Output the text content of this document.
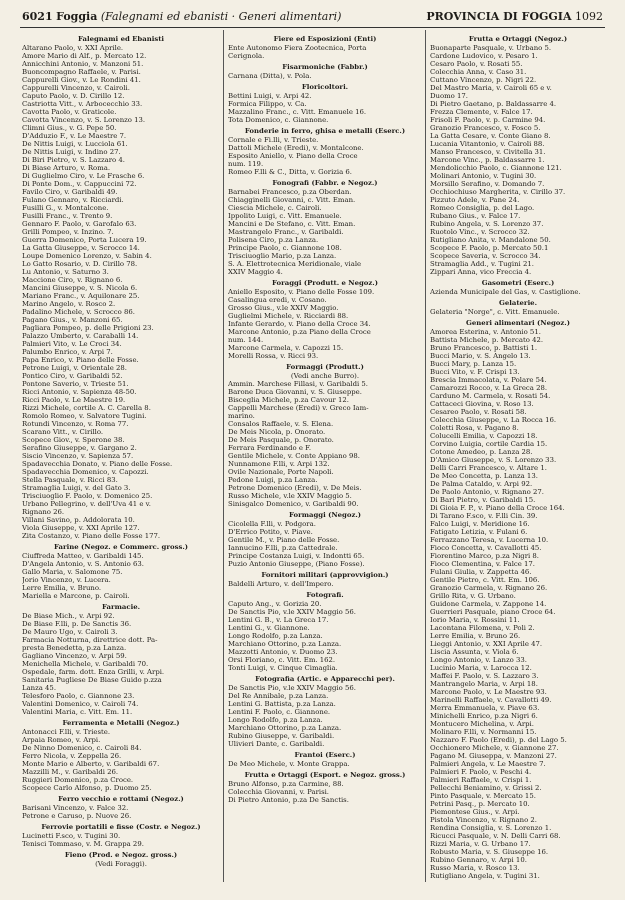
6021 Foggia (Falegnami ed ebanisti · Generi alimentari)	PROVINCIA DI FOGGIA 1092
Falegnami ed Ebanisti
Altarano Paolo, v. XXI Aprile.
Amore Mario di Alf., p. Mercato 12.
Annicchini Antonio, v. Manzoni 51.
Buoncompagno Raffaele, v. Parisi.
Cappurelli Giov., v. Le Rondini 41.
Cappurelli Vincenzo, v. Cairoli.
Caputo Paolo, v. D. Cirillo 12.
Castriotta Vitt., v. Arbocecchio 33.
Cavotta Paolo, v. Graticole.
Cavotta Vincenzo, v. S. Lorenzo 13.
Climni Gius., v. G. Pepe 50.
D'Adduzio F., v. Le Maestre 7.
De Nittis Luigi, v. Lucciola 61.
De Nittis Luigi, v. Indino 27.
Di Biri Pietro, v. S. Lazzaro 4.
Di Biase Arturo, v. Roma.
Di Guglielmo Ciro, v. Le Frasche 6.
Di Ponte Dom., v. Cappuccini 72.
Favilo Ciro, v. Garibaldi 49.
Fulano Gennaro, v. Ricciardi.
Fusilli G., v. Montalcone.
Fusilli Franc., v. Trento 9.
Gennaro F. Paolo, v. Garofalo 63.
Grilli Pompeo, v. Inzino. 7.
Guerra Domenico, Porta Lucera 19.
La Gatta Giuseppe, v. Scrocco 14.
Loupe Domenico Lorenzo, v. Sabin 4.
Lo Gatto Rosario, v. D. Cirillo 78.
Lu Antonio, v. Saturno 3.
Maccione Ciro, v. Rignano 6.
Mancini Giuseppe, v. S. Nicola 6.
Mariano Franc., v. Aquilonare 25.
Marino Angelo, v. Rosco 2.
Padalino Michele, v. Scrocco 86.
Pagano Gius., v. Manzoni 65.
Pagliara Pompeo, p. delle Prigioni 23.
Palazzo Umberto, v. Caraballi 14.
Palmieri Vito, v. Le Croci 34.
Palumbo Enrico, v. Arpi 7.
Papa Enrico, v. Piano delle Fosse.
Petrone Luigi, v. Orientale 28.
Pontico Ciro, v. Garibaldi 52.
Pontone Saverio, v. Trieste 51.
Ricci Antonio, v. Sapienza 48-50.
Ricci Paolo, v. Le Maestre 19.
Rizzi Michele, cortile A. C. Carella 8.
Romolo Romeo, v. Salvatore Tugini.
Rotundi Vincenzo, v. Roma 77.
Scarano Vitt., v. Cirillo.
Scopece Giov., v. Sperone 38.
Serafino Giuseppe, v. Gargano 2.
Siscio Vincenzo, v. Sapienza 57.
Spadavecchia Donato, v. Piano delle Fosse.
Spadavecchia Domenico, v. Capozzi.
Stella Pasquale, v. Ricci 83.
Stramaglia Luigi, v. del Gato 3.
Trisciuoglio F. Paolo, v. Domenico 25.
Urbano Pellegrino, v. dell'Uva 41 e v.
Rignano 26.
Villani Savino, p. Addolorata 10.
Viola Giuseppe, v. XXI Aprile 127.
Zita Costanzo, v. Piano delle Fosse 177.
Farine (Negoz. e Commerc. gross.)
Ciuffreda Matteo, v. Garibaldi 145.
D'Angela Antonio, v. S. Antonio 63.
Gallo Maria, v. Salomone 75.
Jorio Vincenzo, v. Lucera.
Lerre Emilia, v. Bruno.
Mariella e Marcone, p. Cairoli.
Farmacie.
De Biase Mich., v. Arpi 92.
De Biase F.lli, p. De Sanctis 36.
De Mauro Ugo, v. Cairoli 3.
Farmacia Notturna, direttrice dott. Pa-
presta Benedetta, p.za Lanza.
Gagliano Vincenzo, v. Arpi 59.
Menichella Michele, v. Garibaldi 70.
Ospedale, farm. dott. Enza Grilli, v. Arpi.
Sanitaria Pugliese De Biase Guido p.zza
Lanza 45.
Telesforo Paolo, c. Giannone 23.
Valentini Domenico, v. Cairoli 74.
Valentini Maria, c. Vitt. Em. 11.
Ferramenta e Metalli (Negoz.)
Antonacci F.lli, v. Trieste.
Arpaia Romeo, v. Arpi.
De Ninno Domenico, c. Cairoli 84.
Ferro Nicola, v. Zeppella 26.
Monte Mario e Alberto, v. Garibaldi 67.
Mazzilli M., v. Garibaldi 26.
Ruggieri Domenico, p.za Croce.
Scopece Carlo Alfonso, p. Duomo 25.
Ferro vecchio e rottami (Negoz.)
Barisani Vincenzo, v. Falce 32.
Petrone e Caruso, p. Nuove 26.
Ferrovie portatili e fisse (Costr. e Negoz.)
Lucinetti F.sco, v. Tugini 30.
Tenisci Tommaso, v. M. Grappa 29.
Fieno (Prod. e Negoz. gross.)
(Vedi Foraggi).
Fiere ed Esposizioni (Enti)
Ente Autonomo Fiera Zootecnica, Porta
Cerignola.
Fisarmoniche (Fabbr.)
Carnana (Ditta), v. Pola.
Floricoltori.
Bettini Luigi, v. Arpi 42.
Formica Filippo, v. Ca.
Mazzalino Franc., c. Vitt. Emanuele 16.
Tota Domenico, c. Giannone.
Fonderie in ferro, ghisa e metalli (Eserc.)
Cornale e Fi.lli, v. Trieste.
Dattoli Michele (Eredi), v. Montalcone.
Esposito Aniello, v. Piano della Croce
num. 119.
Romeo F.lli & C., Ditta, v. Gorizia 6.
Fonografi (Fabbr. e Negoz.)
Barnabei Francesco, p.za Oberdan.
Chiagginelli Giovanni, c. Vitt. Eman.
Ciescia Michele, c. Cairoli.
Ippolito Luigi, c. Vitt. Emanuele.
Mancini e De Stefano, c. Vitt. Eman.
Mastrangelo Franc., v. Garibaldi.
Polisena Ciro, p.za Lanza.
Principe Paolo, c. Giannone 108.
Trisciuoglio Mario, p.za Lanza.
S. A. Elettrotecnica Meridionale, viale
XXIV Maggio 4.
Foraggi (Produtt. e Negoz.)
Aniello Esposito, v. Piano delle Fosse 109.
Casalingua eredi, v. Cosano.
Grosso Gius., v.le XXIV Maggio.
Guglielmi Michele, v. Ricciardi 88.
Infante Gerardo, v. Piano della Croce 34.
Marcone Antonio, p.za Piano della Croce
num. 144.
Marcone Carmela, v. Capozzi 15.
Morelli Rossa, v. Ricci 93.
Formaggi (Produtt.)
(Vedi anche Burro).
Ammin. Marchese Fillasi, v. Garibaldi 5.
Barone Duca Giovanni, v. S. Giuseppe.
Bisceglia Michele, p.za Cavour 12.
Cappelli Marchese (Eredi) v. Greco Iam-
marino.
Consalos Raffaele, v. S. Elena.
De Meis Nicola, p. Onorato.
De Meis Pasquale, p. Onorato.
Ferrara Ferdinando e F.
Gentile Michele, v. Conte Appiano 98.
Nunnamone F.lli, v. Arpi 132.
Ovile Nazionale, Porte Napoli.
Pedone Luigi, p.za Lanza.
Petrone Domenico (Eredi), v. De Meis.
Russo Michele, v.le XXIV Maggio 5.
Sinisgalco Domenico, v. Garibaldi 90.
Formaggi (Negoz.)
Cicolella F.lli, v. Podgora.
D'Errico Potito, v. Piave.
Gentile M., v. Piano delle Fosse.
Iannucino F.lli, p.za Cattedrale.
Principe Costanza Luigi, v. Indontti 65.
Puzio Antonio Giuseppe, (Piano Fosse).
Fornitori militari (approvvigion.)
Baldelli Arturo, v. dell'Impero.
Fotografi.
Caputo Ang., v. Gorizia 20.
De Sanctis Pio, v.le XXIV Maggio 56.
Lentini G. B., v. La Greca 17.
Lentini G., v. Giannone.
Longo Rodolfo, p.za Lanza.
Marchiano Ottorino, p.za Lanza.
Mazzotti Antonio, v. Duomo 23.
Orsi Floriano, c. Vitt. Em. 162.
Tonti Luigi, v. Cinque Cimaglia.
Fotografia (Artic. e Apparecchi per).
De Sanctis Pio, v.le XXIV Maggio 56.
Del Re Annibale, p.za Lanza.
Lentini G. Battista, p.za Lanza.
Lentini F. Paolo, c. Giannone.
Longo Rodolfo, p.za Lanza.
Marchiano Ottorino, p.za Lanza.
Rubino Giuseppe, v. Garibaldi.
Ulivieri Dante, c. Garibaldi.
Frantoi (Eserc.)
De Meo Michele, v. Monte Grappa.
Frutta e Ortaggi (Esport. e Negoz. gross.)
Bruno Alfonso, p.za Carmine, 88.
Colecchia Giovanni, v. Parisi.
Di Pietro Antonio, p.za De Sanctis.
Frutta e Ortaggi (Negoz.)
Buonaparte Pasquale, v. Urbano 5.
Cardone Ludovico, v. Pesaro 1.
Cesaro Paolo, v. Rosati 55.
Colecchia Anna, v. Caso 31.
Cuttano Vincenzo, p. Nigri 22.
Del Mastro Maria, v. Cairoli 65 e v.
Duomo 17.
Di Pietro Gaetano, p. Baldassarre 4.
Frezza Clemente, v. Falce 17.
Frisoli F. Paolo, v. p. Carmine 94.
Granozio Francesco, v. Fosco 5.
La Gatta Cesare, v. Conte Giano 8.
Lucania Vitantonio, v. Cairoli 88.
Manso Francesco, v. Civitella 31.
Marcone Vinc., p. Baldassarre 1.
Mendolicchio Paolo, c. Giannone 121.
Molinari Antonio, v. Tugini 30.
Morsillo Serafino, v. Domando 7.
Occhiochiuso Margherita, v. Cirillo 37.
Pizzuto Adele, v. Pane 24.
Romeo Consiglia, p. del Lago.
Rubano Gius., v. Falce 17.
Rubino Angela, v. S. Lorenzo 37.
Ruotolo Vinc., v. Scrocco 32.
Rutigliano Anita, v. Mandalone 50.
Scopece F. Paolo, p. Mercato 50.1
Scopece Saveria, v. Scrocco 34.
Stramaglia Add., v. Tugini 21.
Zippari Anna, vico Freccia 4.
Gasometri (Eserc.)
Azienda Municipale del Gas, v. Castiglione.
Gelaterie.
Gelateria "Norge", c. Vitt. Emanuele.
Generi alimentari (Negoz.)
Amorea Esterina, v. Antonio 51.
Battista Michele, p. Mercato 42.
Bruno Francesco, p. Battisti 1.
Bucci Mario, v. S. Angelo 13.
Bucci Mary, p. Lanza 15.
Bucci Vito, v. F. Crispi 13.
Brescia Immacolata, v. Polare 54.
Camarozzi Rocco, v. La Greca 28.
Carduno M. Carmela, v. Rosati 54.
Cattaceci Giovina, v. Roso 13.
Cesareo Paolo, v. Rosati 58.
Colecchia Giuseppe, v. La Rocca 16.
Coletti Rosa, v. Pagano 8.
Colucelli Emilia, v. Capozzi 18.
Corvino Luigia, cortile Cardia 15.
Cotone Amedeo, p. Lanza 28.
D'Amico Giuseppe, v. S. Lorenzo 33.
Delli Carri Francesco, v. Altare 1.
De Meo Concetta, p. Lanza 13.
De Palma Cataldo, v. Arpi 92.
De Paolo Antonio, v. Rignano 27.
Di Bari Pietro, v. Garibaldi 15.
Di Gioia F. P., v. Piano della Croce 164.
Di Tarano F.sco, v. F.lli Cin. 39.
Falco Luigi, v. Meridione 16.
Fatigato Letizia, v. Fulani 6.
Ferrazzano Teresa, v. Lucerna 10.
Fioco Concetta, v. Cavallotti 45.
Fiorentino Marco, p.za Nigri 8.
Fioco Clementina, v. Falce 17.
Fulani Giulia, v. Zappetta 46.
Gentile Pietro, c. Vitt. Em. 106.
Granozio Carmela, v. Rignano 26.
Grillo Rita, v. G. Urbano.
Guidone Carmela, v. Zappone 14.
Guerrieri Pasquale, piano Croce 64.
Iorio Maria, v. Rossini 11.
Lacontana Filomena, v. Poli 2.
Lerre Emilia, v. Bruno 26.
Lieggi Antonio, v. XXI Aprile 47.
Liscia Assunta, v. Viola 6.
Longo Antonio, v. Lanzo 33.
Lucinio Maria, v. Larocca 12.
Maffei F. Paolo, v. S. Lazzaro 3.
Mantrangelo Maria, v. Arpi 18.
Marcone Paolo, v. Le Maestre 93.
Marinelli Raffaele, v. Cavallotti 49.
Merra Emmanuela, v. Piave 63.
Minichelli Enrico, p.za Nigri 6.
Montucero Michelina, v. Arpi.
Molinaro F.lli, v. Normanni 15.
Nazzaro F. Paolo (Eredi), p. del Lago 5.
Occhionero Michele, v. Giannone 27.
Pagano M. Giuseppa, v. Manzoni 27.
Palmieri Angela, v. Le Maestre 7.
Palmieri F. Paolo, v. Peschi 4.
Palmieri Raffaele, v. Crispi 1.
Pellecchi Beniamino, v. Grissi 2.
Pinto Pasquale, v. Mercato 15.
Petrini Pasq., p. Mercato 10.
Piemontese Gius., v. Arpi.
Pistola Vincenzo, v. Rignano 2.
Rendina Consiglia, v. S. Lorenzo 1.
Ricucci Pasquale, v. N. Delli Carri 68.
Rizzi Maria, v. G. Urbano 17.
Robusto Maria, v. S. Giuseppe 16.
Rubino Gennaro, v. Arpi 10.
Russo Maria, v. Rosco 13.
Rutigliano Angela, v. Tugini 31.
